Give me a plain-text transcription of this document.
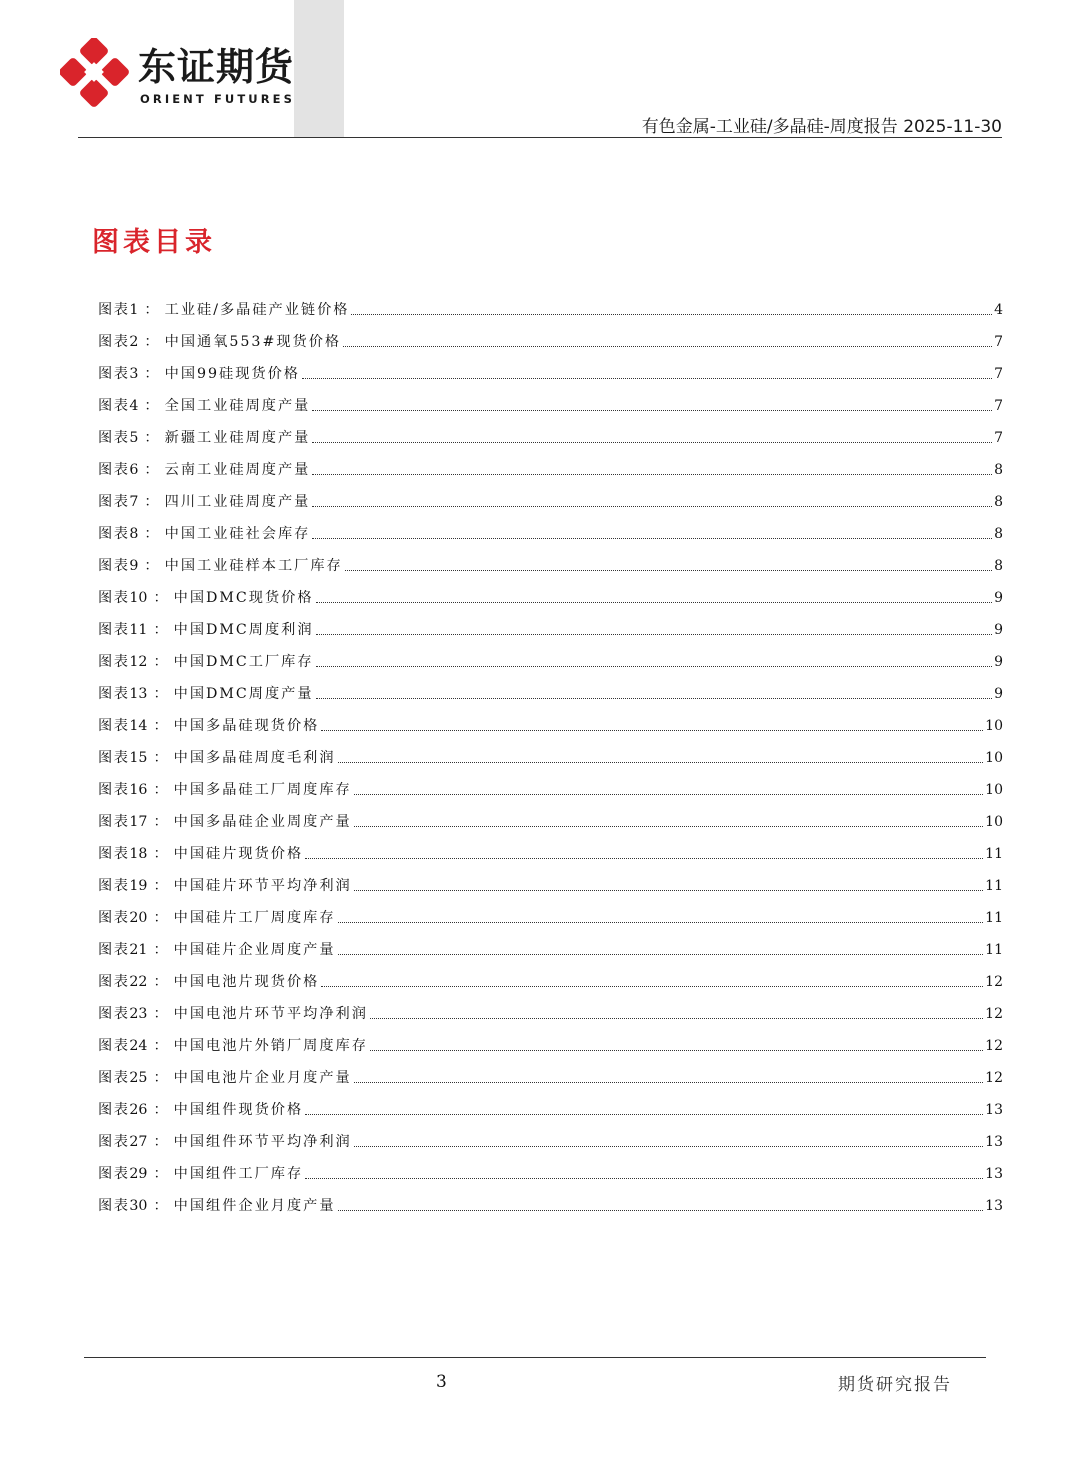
东证期货
ORIENT FUTURES
有色金属-工业硅/多晶硅-周度报告 2025-11-30
图表目录
图表1 ： 工业硅/多晶硅产业链价格	4
图表2 ： 中国通氧553#现货价格	7
图表3 ： 中国99硅现货价格	7
图表4 ： 全国工业硅周度产量	7
图表5 ： 新疆工业硅周度产量	7
图表6 ： 云南工业硅周度产量	8
图表7 ： 四川工业硅周度产量	8
图表8 ： 中国工业硅社会库存	8
图表9 ： 中国工业硅样本工厂库存	8
图表10 ： 中国DMC现货价格	9
图表11 ： 中国DMC周度利润	9
图表12 ： 中国DMC工厂库存	9
图表13 ： 中国DMC周度产量	9
图表14 ： 中国多晶硅现货价格	10
图表15 ： 中国多晶硅周度毛利润	10
图表16 ： 中国多晶硅工厂周度库存	10
图表17 ： 中国多晶硅企业周度产量	10
图表18 ： 中国硅片现货价格	11
图表19 ： 中国硅片环节平均净利润	11
图表20 ： 中国硅片工厂周度库存	11
图表21 ： 中国硅片企业周度产量	11
图表22 ： 中国电池片现货价格	12
图表23 ： 中国电池片环节平均净利润	12
图表24 ： 中国电池片外销厂周度库存	12
图表25 ： 中国电池片企业月度产量	12
图表26 ： 中国组件现货价格	13
图表27 ： 中国组件环节平均净利润	13
图表29 ： 中国组件工厂库存	13
图表30 ： 中国组件企业月度产量	13
3	期货研究报告
